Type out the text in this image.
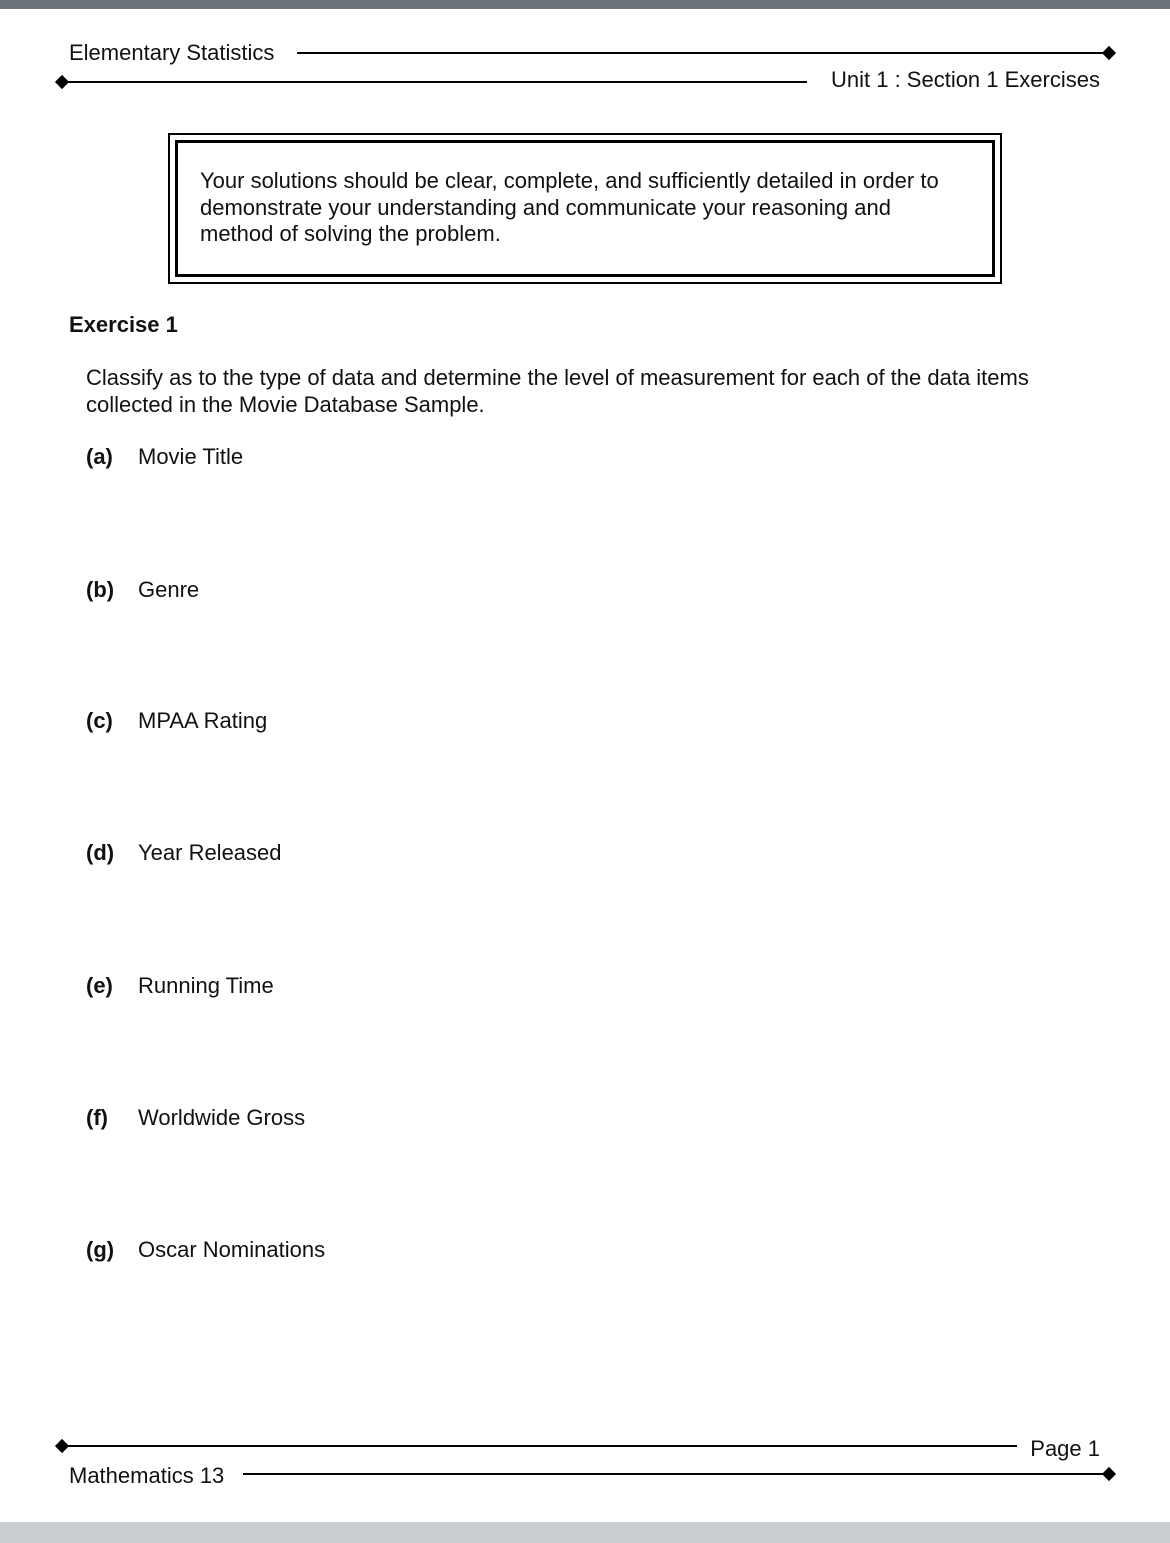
Elementary Statistics
Unit 1 : Section 1 Exercises

Your solutions should be clear, complete, and sufficiently detailed in order to demonstrate your understanding and communicate your reasoning and method of solving the problem.

Exercise 1

Classify as to the type of data and determine the level of measurement for each of the data items collected in the Movie Database Sample.

(a) Movie Title
(b) Genre
(c) MPAA Rating
(d) Year Released
(e) Running Time
(f) Worldwide Gross
(g) Oscar Nominations
Page 1
Mathematics 13
